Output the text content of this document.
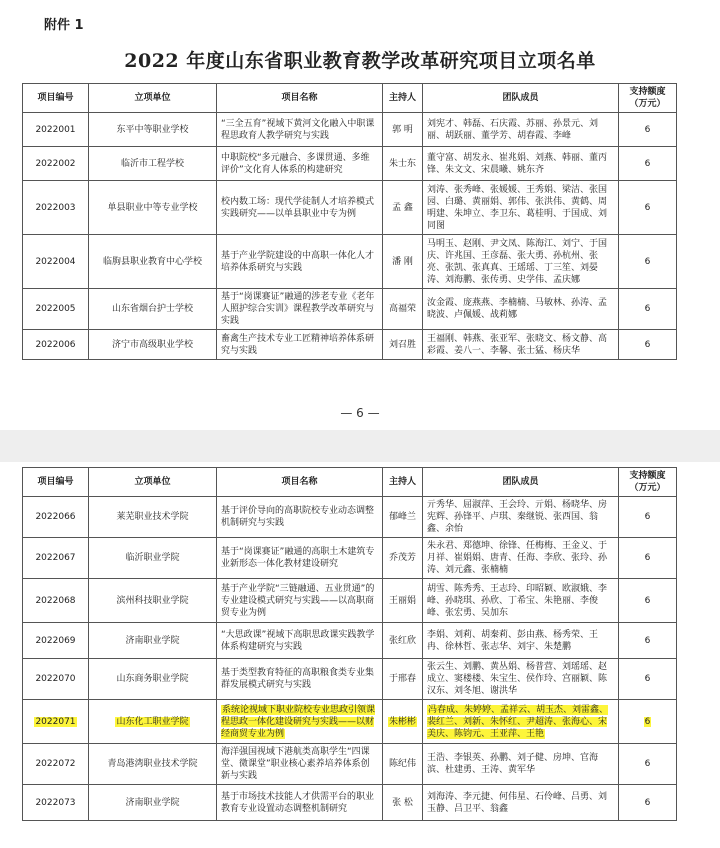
附件 1
2022 年度山东省职业教育教学改革研究项目立项名单
项目编号	立项单位	项目名称	主持人	团队成员	支持额度（万元）
2022001	东平中等职业学校	“三全五育”视域下黄河文化融入中职课程思政育人教学研究与实践	郭 明	刘宪才、韩磊、石庆霞、苏丽、孙景元、刘丽、胡跃丽、董学芳、胡春霞、李峰	6
2022002	临沂市工程学校	中职院校“多元融合、多课贯通、多维评价”文化育人体系的构建研究	朱士东	董守富、胡发永、崔兆娟、刘燕、韩丽、董丙锋、朱文文、宋晨曦、姚东齐	6
2022003	单县职业中等专业学校	校内数工场：现代学徒制人才培养模式实践研究——以单县职业中专为例	孟 鑫	刘涛、张秀峰、张媛媛、王秀娟、梁洁、张国园、白璐、黄丽娟、郭伟、张洪伟、黄鹤、周明建、朱坤立、李卫东、葛桂明、于国成、刘同图	6
2022004	临朐县职业教育中心学校	基于产业学院建设的中高职一体化人才培养体系研究与实践	潘 刚	马明玉、赵刚、尹文凤、陈海江、刘宁、于国庆、许兆国、王彦磊、张大勇、孙杭州、张亮、张凯、张真真、王瑶瑶、丁三笙、刘晏涛、刘海鹏、张传勇、史学伟、孟庆娜	6
2022005	山东省烟台护士学校	基于“岗课赛证”融通的涉老专业《老年人照护综合实训》课程教学改革研究与实践	高福荣	汝金霞、庞燕燕、李楠楠、马敏林、孙涛、孟晓波、卢佩媛、战莉娜	6
2022006	济宁市高级职业学校	畜禽生产技术专业工匠精神培养体系研究与实践	刘召胜	王福刚、韩燕、张亚军、张晓文、杨文静、高彩霞、姜八一、李馨、张士猛、杨庆华	6
— 6 —
项目编号	立项单位	项目名称	主持人	团队成员	支持额度（万元）
2022066	莱芜职业技术学院	基于评价导向的高职院校专业动态调整机制研究与实践	郁峰兰	亓秀华、屈淑萍、王会玲、亓娟、杨晓华、房宪辉、孙锋平、卢琪、秦继锐、张西国、翁鑫、余怡	6
2022067	临沂职业学院	基于“岗课赛证”融通的高职土木建筑专业新形态一体化教材建设研究	乔茂芳	朱永君、郑德坤、徐锋、任梅梅、王金义、于月祥、崔娟娟、唐青、任海、李欣、张玲、孙涛、刘元鑫、张楠楠	6
2022068	滨州科技职业学院	基于产业学院“三链融通、五业贯通”的专业建设模式研究与实践——以高职商贸专业为例	王丽娟	胡雪、陈秀秀、王志玲、印昭颖、欧淑娥、李峰、孙晓琪、孙欣、丁希宝、朱艳丽、李俊峰、张宏勇、吴加东	6
2022069	济南职业学院	“大思政课”视域下高职思政课实践教学体系构建研究与实践	张红欣	李娟、刘莉、胡秦莉、彭由燕、杨秀荣、王冉、徐林哲、张志华、刘宇、朱楚鹏	6
2022070	山东商务职业学院	基于类型教育特征的高职粮食类专业集群发展模式研究与实践	于邢春	张云生、刘鹏、黄丛娟、杨普营、刘瑶瑶、赵成立、窦楼楼、朱宝生、侯作玲、宫丽颖、陈汉东、刘冬旭、谢洪华	6
2022071	山东化工职业学院	系统论视域下职业院校专业思政引领课程思政一体化建设研究与实践——以财经商贸专业为例	朱彬彬	冯春成、朱婷婷、孟祥云、胡玉杰、刘雷鑫、裴红兰、刘新、朱怀红、尹超涛、张海心、宋美庆、陈钧元、王亚萍、王艳	6
2022072	青岛港湾职业技术学院	海洋强国视域下港航类高职学生“四课堂、微课堂”职业核心素养培养体系创新与实践	陈纪伟	王浩、李银英、孙鹏、刘子健、房坤、官海滨、杜建勇、王涛、黄军华	6
2022073	济南职业学院	基于市场技术技能人才供需平台的职业教育专业设置动态调整机制研究	张 松	刘海涛、李元捷、何伟星、石伶峰、吕勇、刘玉静、吕卫平、翁鑫	6
